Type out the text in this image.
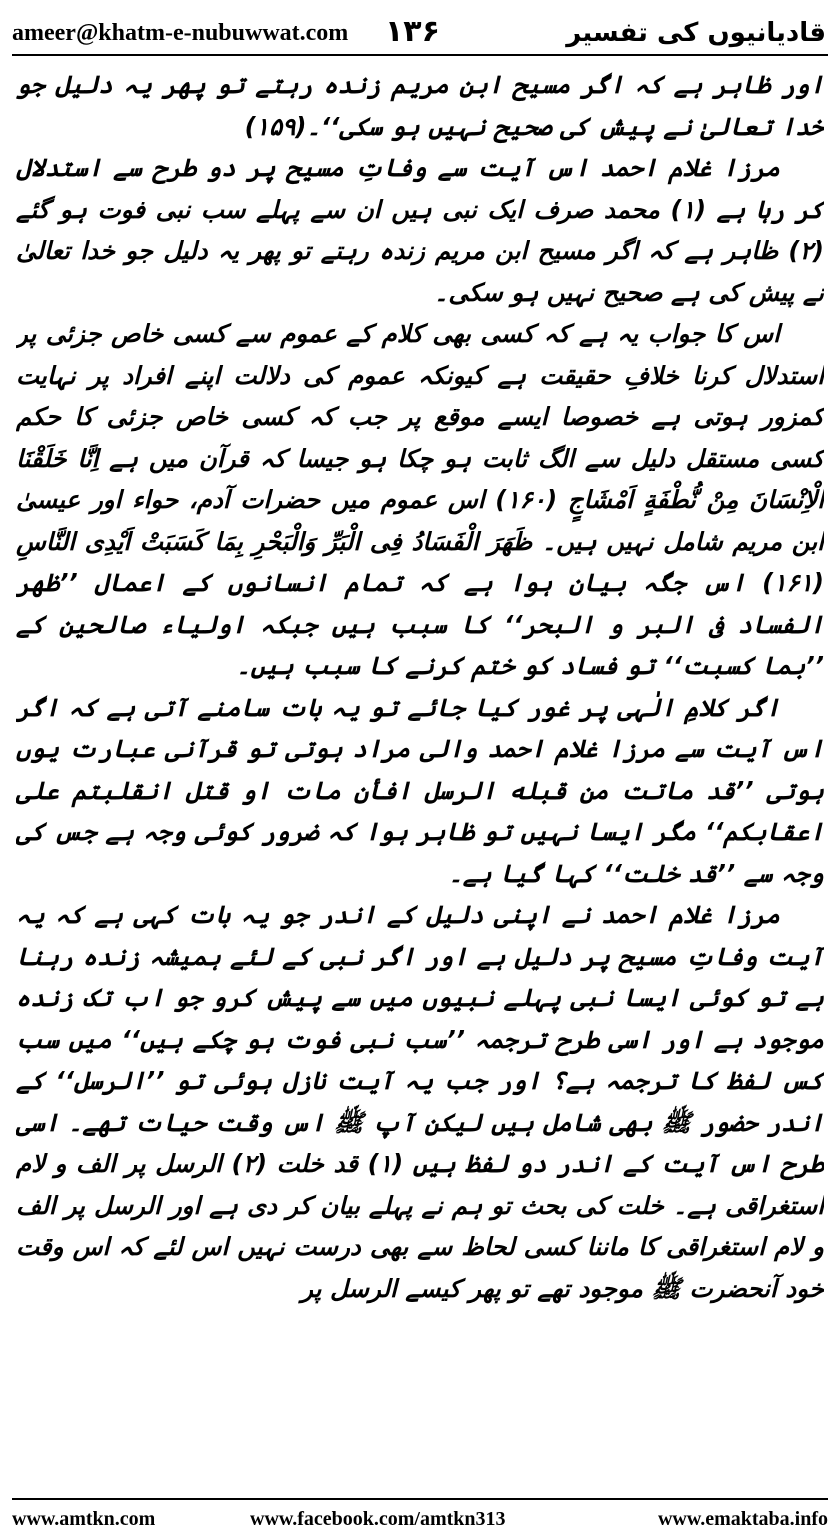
ameer@khatm-e-nubuwwat.com ۱۳۶	قادیانیوں کی تفسیر

اور ظاہر ہے کہ اگر مسیح ابن مریم زندہ رہتے تو پھر یہ دلیل جو خدا تعالیٰ نے پیش کی صحیح نہیں ہو سکی‘‘۔(۱۵۹)

مرزا غلام احمد اس آیت سے وفاتِ مسیح پر دو طرح سے استدلال کر رہا ہے (۱) محمد صرف ایک نبی ہیں ان سے پہلے سب نبی فوت ہو گئے (۲) ظاہر ہے کہ اگر مسیح ابن مریم زندہ رہتے تو پھر یہ دلیل جو خدا تعالیٰ نے پیش کی ہے صحیح نہیں ہو سکی۔

اس کا جواب یہ ہے کہ کسی بھی کلام کے عموم سے کسی خاص جزئی پر استدلال کرنا خلافِ حقیقت ہے کیونکہ عموم کی دلالت اپنے افراد پر نہایت کمزور ہوتی ہے خصوصا ایسے موقع پر جب کہ کسی خاص جزئی کا حکم کسی مستقل دلیل سے الگ ثابت ہو چکا ہو جیسا کہ قرآن میں ہے اِنَّا خَلَقْنَا الْاِنْسَانَ مِنْ نُّطْفَةٍ اَمْشَاجٍ (۱۶۰) اس عموم میں حضرات آدم، حواء اور عیسیٰ ابن مریم شامل نہیں ہیں۔ ظَهَرَ الْفَسَادُ فِی الْبَرِّ وَالْبَحْرِ بِمَا كَسَبَتْ اَیْدِی النَّاسِ (۱۶۱) اس جگہ بیان ہوا ہے کہ تمام انسانوں کے اعمال ’’ظهر الفساد فی البر و البحر‘‘ کا سبب ہیں جبکہ اولیاء صالحین کے ’’بما کسبت‘‘ تو فساد کو ختم کرنے کا سبب ہیں۔

اگر کلامِ الٰہی پر غور کیا جائے تو یہ بات سامنے آتی ہے کہ اگر اس آیت سے مرزا غلام احمد والی مراد ہوتی تو قرآنی عبارت یوں ہوتی ’’قد ماتت من قبله الرسل افأن مات او قتل انقلبتم علی اعقابکم‘‘ مگر ایسا نہیں تو ظاہر ہوا کہ ضرور کوئی وجہ ہے جس کی وجہ سے ’’قد خلت‘‘ کہا گیا ہے۔

مرزا غلام احمد نے اپنی دلیل کے اندر جو یہ بات کہی ہے کہ یہ آیت وفاتِ مسیح پر دلیل ہے اور اگر نبی کے لئے ہمیشہ زندہ رہنا ہے تو کوئی ایسا نبی پہلے نبیوں میں سے پیش کرو جو اب تک زندہ موجود ہے اور اسی طرح ترجمہ ’’سب نبی فوت ہو چکے ہیں‘‘ میں سب کس لفظ کا ترجمہ ہے؟ اور جب یہ آیت نازل ہوئی تو ’’الرسل‘‘ کے اندر حضور ﷺ بھی شامل ہیں لیکن آپ ﷺ اس وقت حیات تھے۔ اسی طرح اس آیت کے اندر دو لفظ ہیں (۱) قد خلت (۲) الرسل پر الف و لام استغراقی ہے۔ خلت کی بحث تو ہم نے پہلے بیان کر دی ہے اور الرسل پر الف و لام استغراقی کا ماننا کسی لحاظ سے بھی درست نہیں اس لئے کہ اس وقت خود آنحضرت ﷺ موجود تھے تو پھر کیسے الرسل پر

www.amtkn.com	www.facebook.com/amtkn313	www.emaktaba.info
